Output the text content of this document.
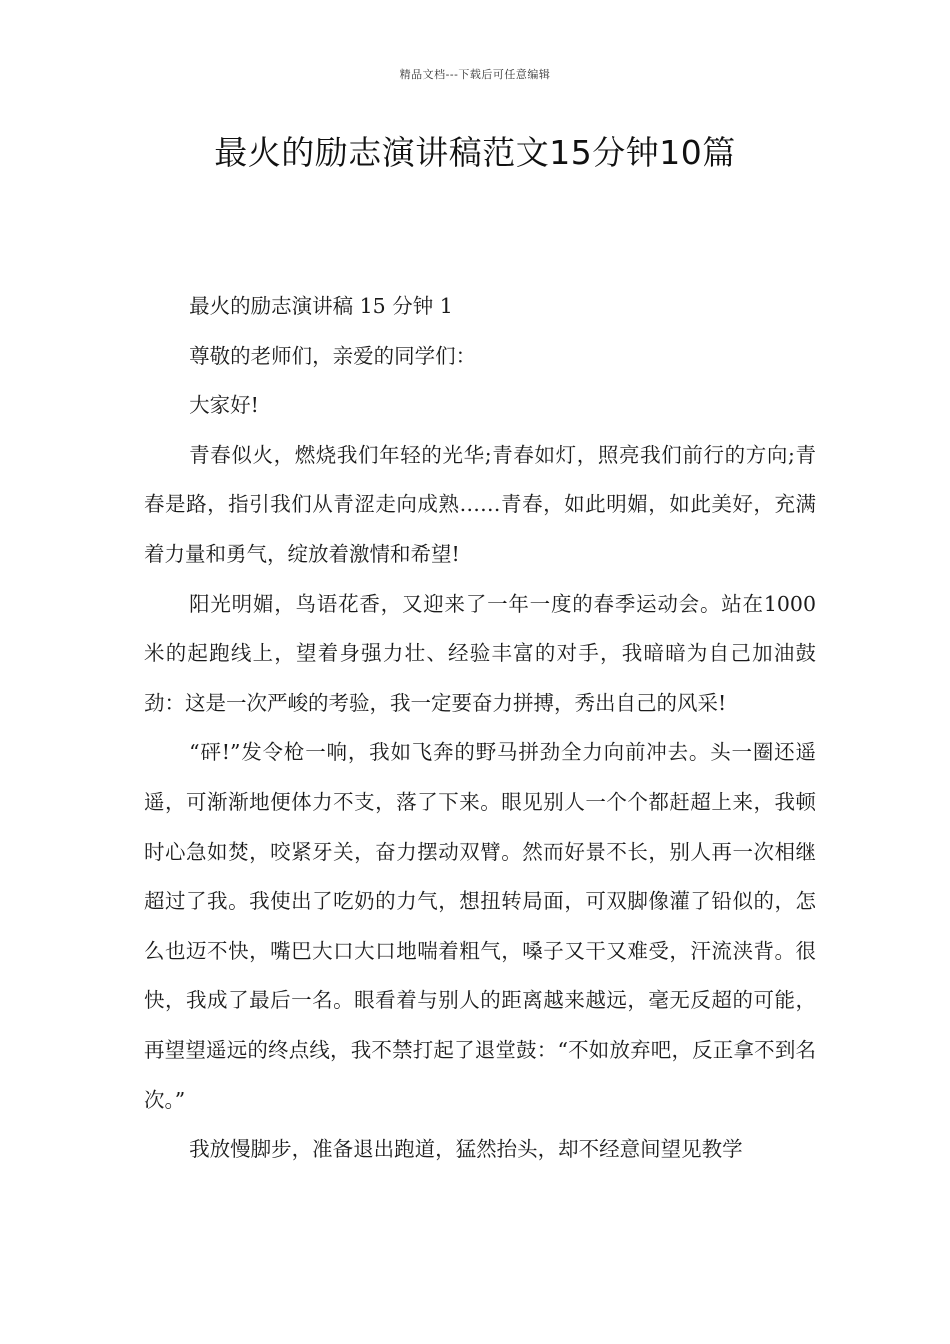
精品文档---下载后可任意编辑
最火的励志演讲稿范文15分钟10篇

最火的励志演讲稿 15 分钟 1

尊敬的老师们，亲爱的同学们：

大家好!

青春似火，燃烧我们年轻的光华;青春如灯，照亮我们前行的方向;青春是路，指引我们从青涩走向成熟……青春，如此明媚，如此美好，充满着力量和勇气，绽放着激情和希望!

阳光明媚，鸟语花香，又迎来了一年一度的春季运动会。站在1000 米的起跑线上，望着身强力壮、经验丰富的对手，我暗暗为自己加油鼓劲：这是一次严峻的考验，我一定要奋力拼搏，秀出自己的风采!

“砰!”发令枪一响，我如飞奔的野马拼劲全力向前冲去。头一圈还遥遥，可渐渐地便体力不支，落了下来。眼见别人一个个都赶超上来，我顿时心急如焚，咬紧牙关，奋力摆动双臂。然而好景不长，别人再一次相继超过了我。我使出了吃奶的力气，想扭转局面，可双脚像灌了铅似的，怎么也迈不快，嘴巴大口大口地喘着粗气，嗓子又干又难受，汗流浃背。很快，我成了最后一名。眼看着与别人的距离越来越远，毫无反超的可能，再望望遥远的终点线，我不禁打起了退堂鼓：“不如放弃吧，反正拿不到名次。”

我放慢脚步，准备退出跑道，猛然抬头，却不经意间望见教学
